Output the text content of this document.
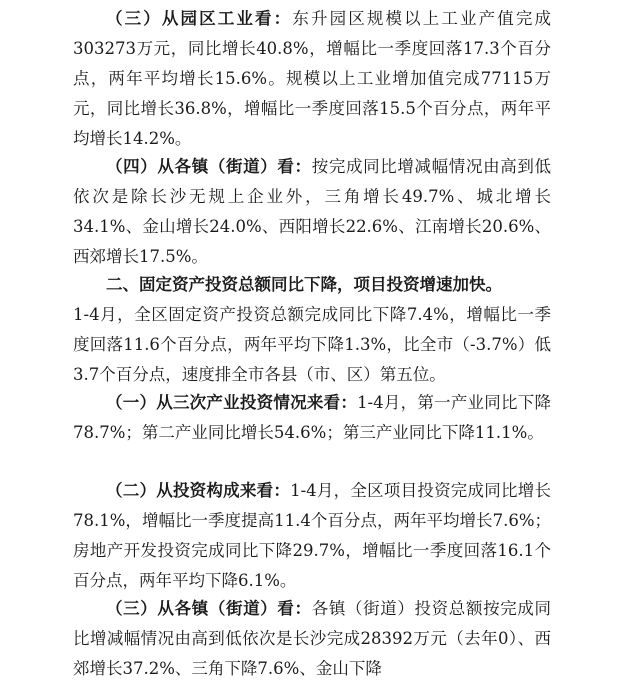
（三）从园区工业看：东升园区规模以上工业产值完成303273万元，同比增长40.8%，增幅比一季度回落17.3个百分点，两年平均增长15.6%。规模以上工业增加值完成77115万元，同比增长36.8%，增幅比一季度回落15.5个百分点，两年平均增长14.2%。

（四）从各镇（街道）看：按完成同比增减幅情况由高到低依次是除长沙无规上企业外，三角增长49.7%、城北增长34.1%、金山增长24.0%、西阳增长22.6%、江南增长20.6%、西郊增长17.5%。

二、固定资产投资总额同比下降，项目投资增速加快。

1-4月，全区固定资产投资总额完成同比下降7.4%，增幅比一季度回落11.6个百分点，两年平均下降1.3%，比全市（-3.7%）低3.7个百分点，速度排全市各县（市、区）第五位。

（一）从三次产业投资情况来看：1-4月，第一产业同比下降78.7%；第二产业同比增长54.6%；第三产业同比下降11.1%。

（二）从投资构成来看：1-4月，全区项目投资完成同比增长78.1%，增幅比一季度提高11.4个百分点，两年平均增长7.6%；房地产开发投资完成同比下降29.7%，增幅比一季度回落16.1个百分点，两年平均下降6.1%。

（三）从各镇（街道）看：各镇（街道）投资总额按完成同比增减幅情况由高到低依次是长沙完成28392万元（去年0）、西郊增长37.2%、三角下降7.6%、金山下降
